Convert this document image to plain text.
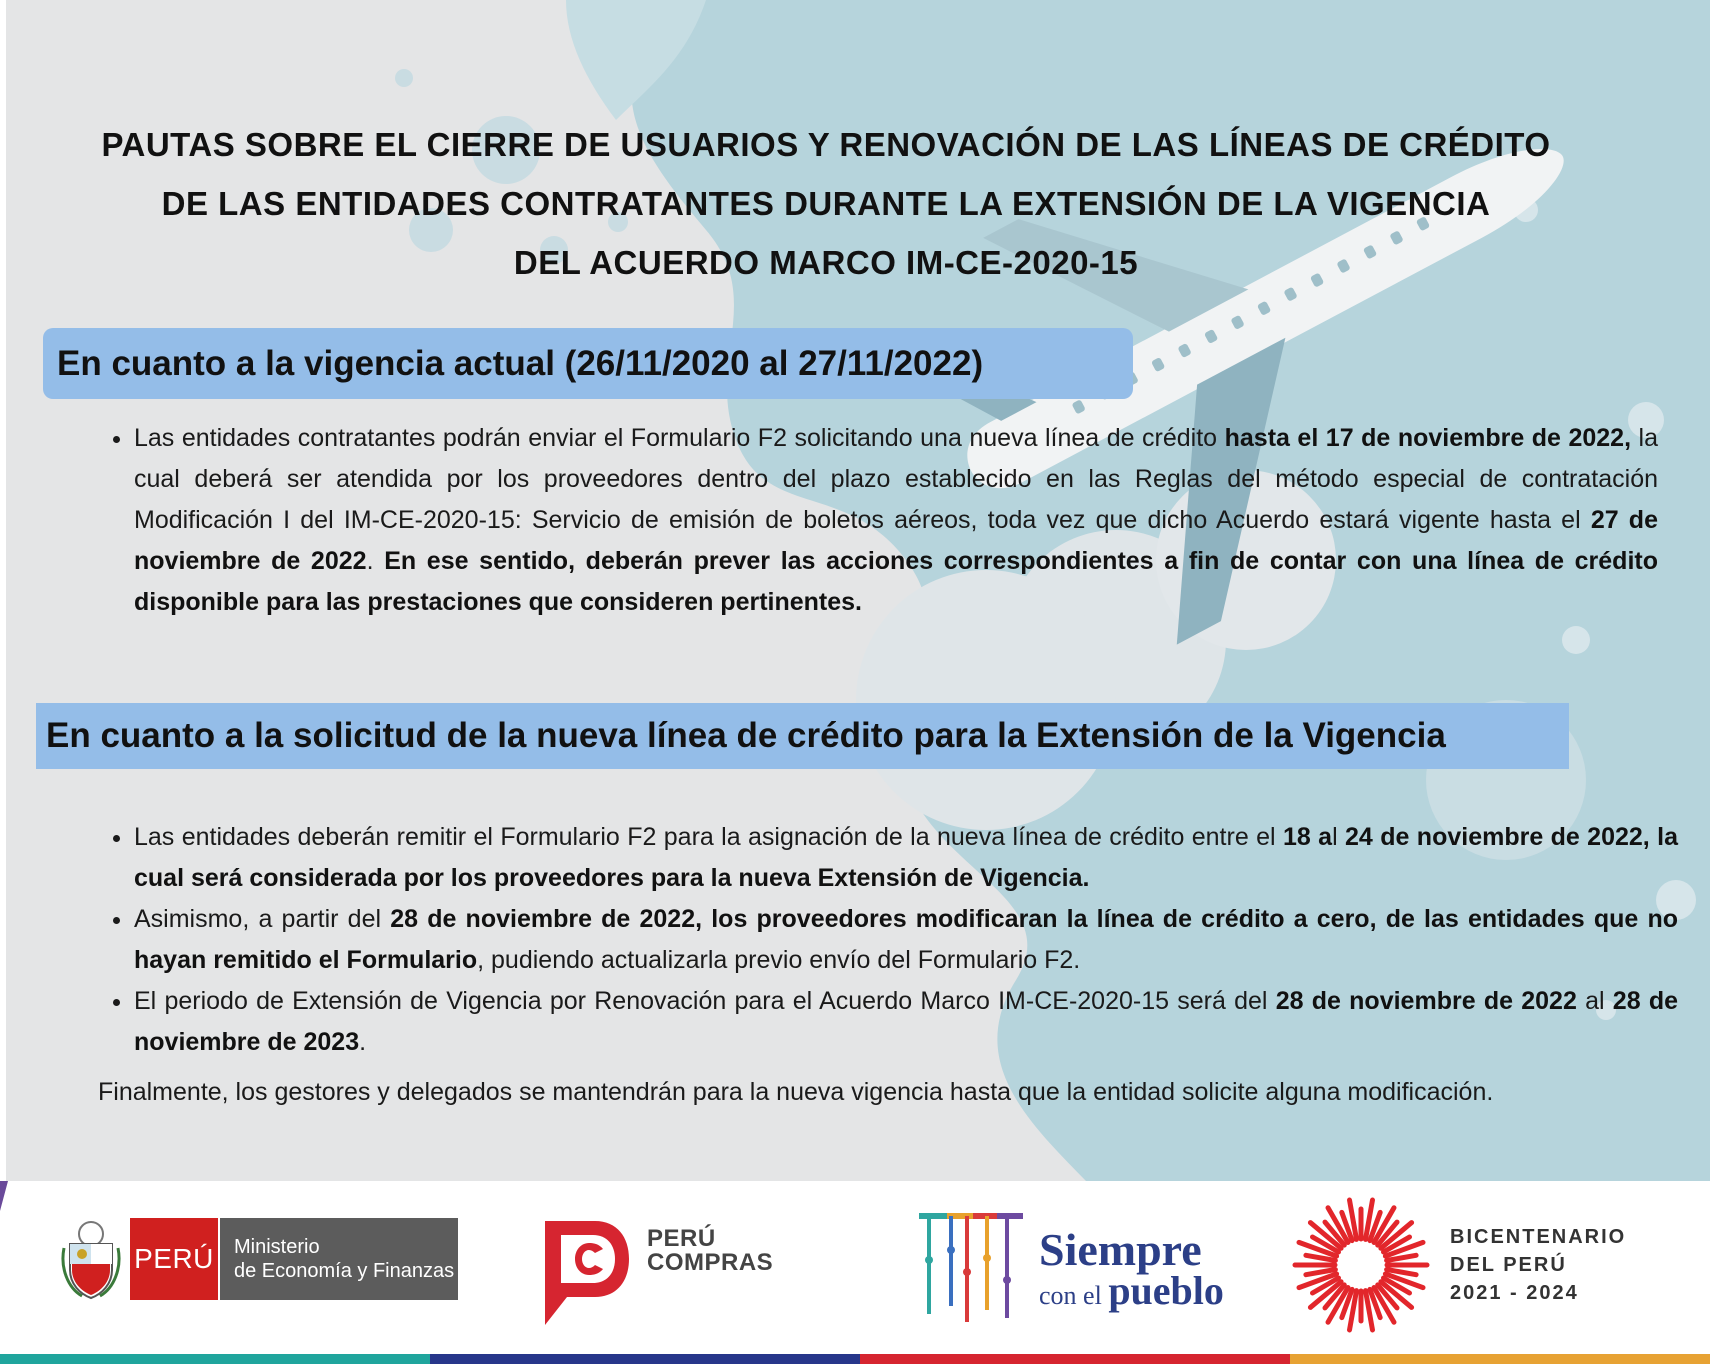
PAUTAS SOBRE EL CIERRE DE USUARIOS Y RENOVACIÓN DE LAS LÍNEAS DE CRÉDITO
DE LAS ENTIDADES CONTRATANTES DURANTE LA EXTENSIÓN DE LA VIGENCIA
DEL ACUERDO MARCO IM-CE-2020-15
En cuanto a la vigencia actual (26/11/2020 al 27/11/2022)
• Las entidades contratantes podrán enviar el Formulario F2 solicitando una nueva línea de crédito hasta el 17 de noviembre de 2022, la cual deberá ser atendida por los proveedores dentro del plazo establecido en las Reglas del método especial de contratación Modificación I del IM-CE-2020-15: Servicio de emisión de boletos aéreos, toda vez que dicho Acuerdo estará vigente hasta el 27 de noviembre de 2022. En ese sentido, deberán prever las acciones correspondientes a fin de contar con una línea de crédito disponible para las prestaciones que consideren pertinentes.
En cuanto a la solicitud de la nueva línea de crédito para la Extensión de la Vigencia
• Las entidades deberán remitir el Formulario F2 para la asignación de la nueva línea de crédito entre el 18 al 24 de noviembre de 2022, la cual será considerada por los proveedores para la nueva Extensión de Vigencia.
• Asimismo, a partir del 28 de noviembre de 2022, los proveedores modificaran la línea de crédito a cero, de las entidades que no hayan remitido el Formulario, pudiendo actualizarla previo envío del Formulario F2.
• El periodo de Extensión de Vigencia por Renovación para el Acuerdo Marco IM-CE-2020-15 será del 28 de noviembre de 2022 al 28 de noviembre de 2023.
Finalmente, los gestores y delegados se mantendrán para la nueva vigencia hasta que la entidad solicite alguna modificación.
PERÚ Ministerio
de Economía y Finanzas
PERÚ
COMPRAS	Siempre
con el pueblo
BICENTENARIO
DEL PERÚ
2021 - 2024
